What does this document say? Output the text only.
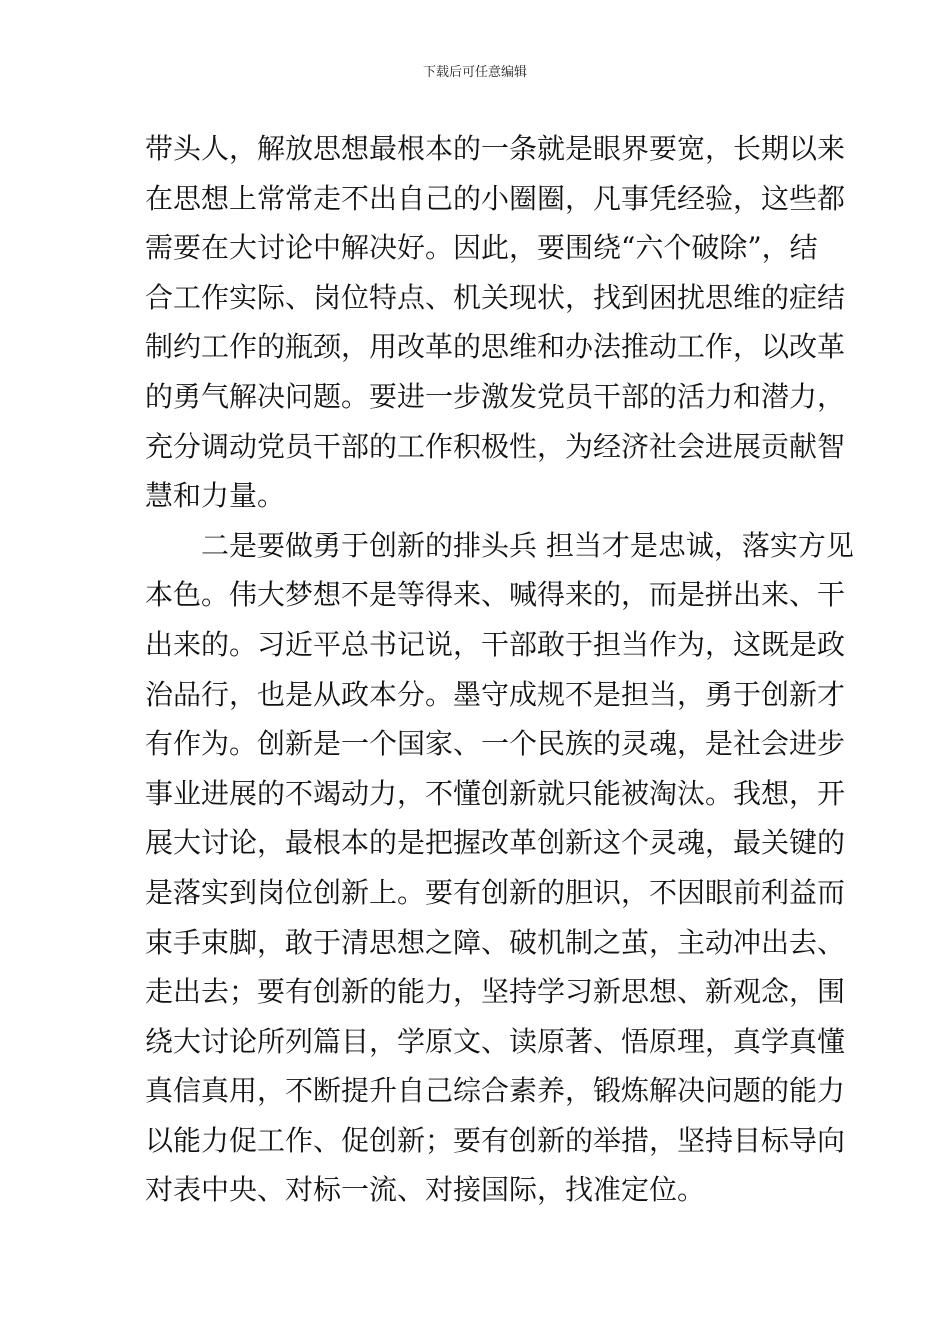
下载后可任意编辑
带头人，解放思想最根本的一条就是眼界要宽，长期以来
在思想上常常走不出自己的小圈圈，凡事凭经验，这些都
需要在大讨论中解决好。因此，要围绕“六个破除”，结
合工作实际、岗位特点、机关现状，找到困扰思维的症结
制约工作的瓶颈，用改革的思维和办法推动工作，以改革
的勇气解决问题。要进一步激发党员干部的活力和潜力，
充分调动党员干部的工作积极性，为经济社会进展贡献智
慧和力量。
二是要做勇于创新的排头兵 担当才是忠诚，落实方见
本色。伟大梦想不是等得来、喊得来的，而是拼出来、干
出来的。习近平总书记说，干部敢于担当作为，这既是政
治品行，也是从政本分。墨守成规不是担当，勇于创新才
有作为。创新是一个国家、一个民族的灵魂，是社会进步
事业进展的不竭动力，不懂创新就只能被淘汰。我想，开
展大讨论，最根本的是把握改革创新这个灵魂，最关键的
是落实到岗位创新上。要有创新的胆识，不因眼前利益而
束手束脚，敢于清思想之障、破机制之茧，主动冲出去、
走出去；要有创新的能力，坚持学习新思想、新观念，围
绕大讨论所列篇目，学原文、读原著、悟原理，真学真懂
真信真用，不断提升自己综合素养，锻炼解决问题的能力
以能力促工作、促创新；要有创新的举措，坚持目标导向
对表中央、对标一流、对接国际，找准定位。
